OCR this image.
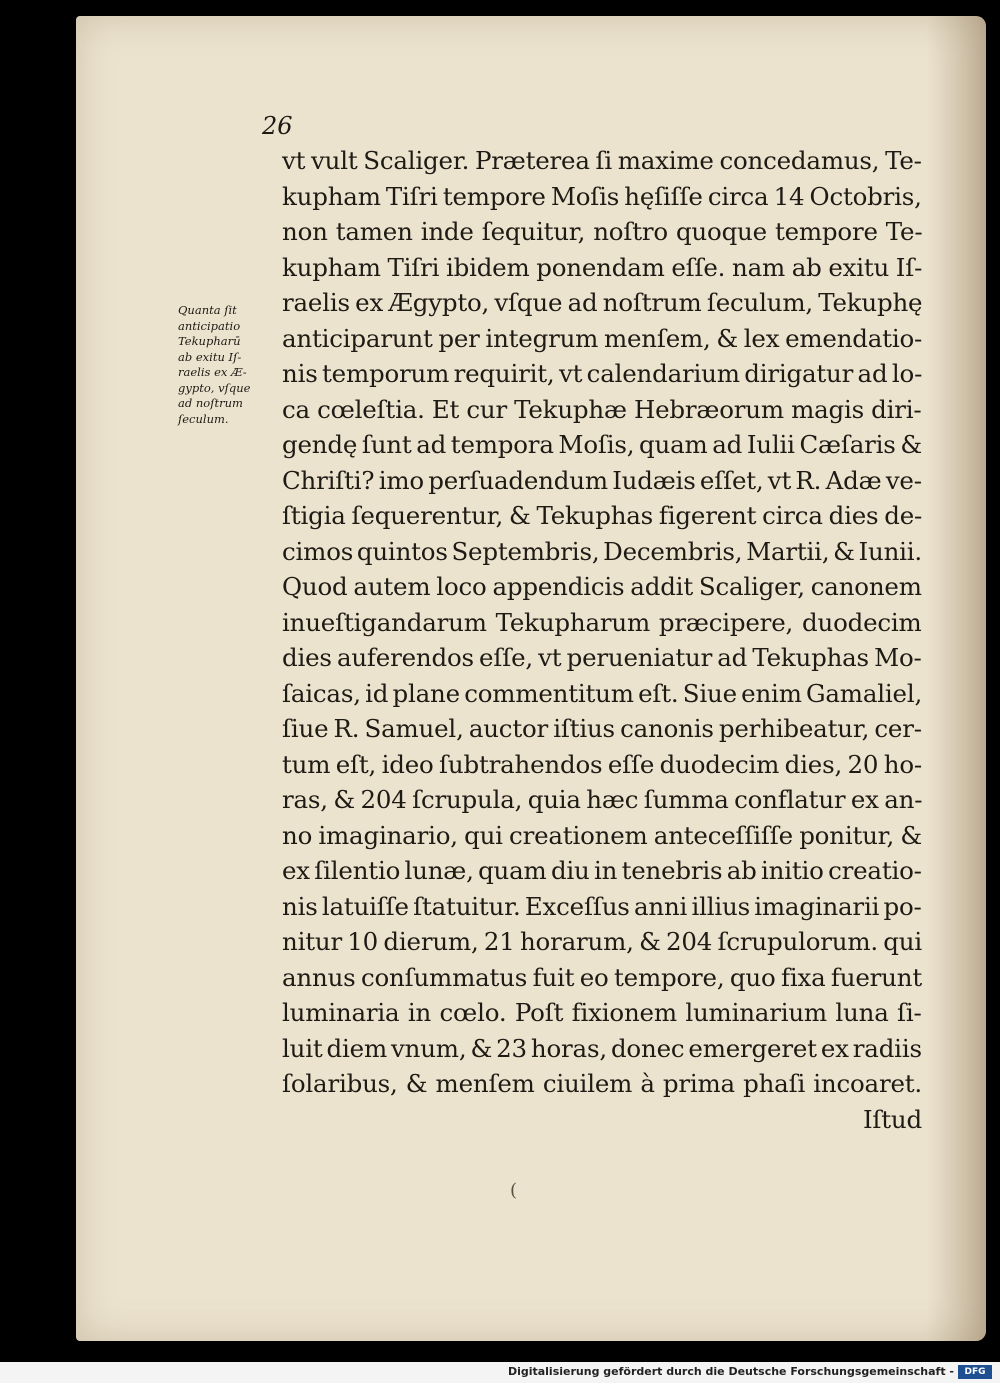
26
Quanta ſit
anticipatio
Tekupharū
ab exitu Iſ-
raelis ex Æ-
gypto, vſque
ad noſtrum
ſeculum.
vt vult Scaliger. Præterea ſi maxime concedamus, Te-
kupham Tiſri tempore Moſis hęſiſſe circa 14 Octobris,
non tamen inde ſequitur, noſtro quoque tempore Te-
kupham Tiſri ibidem ponendam eſſe. nam ab exitu Iſ-
raelis ex Ægypto, vſque ad noſtrum ſeculum, Tekuphę
anticiparunt per integrum menſem, & lex emendatio-
nis temporum requirit, vt calendarium dirigatur ad lo-
ca cœleſtia. Et cur Tekuphæ Hebræorum magis diri-
gendę ſunt ad tempora Moſis, quam ad Iulii Cæſaris &
Chriſti? imo perſuadendum Iudæis eſſet, vt R. Adæ ve-
ſtigia ſequerentur, & Tekuphas figerent circa dies de-
cimos quintos Septembris, Decembris, Martii, & Iunii.
Quod autem loco appendicis addit Scaliger, canonem
inueſtigandarum Tekupharum præcipere, duodecim
dies auferendos eſſe, vt perueniatur ad Tekuphas Mo-
ſaicas, id plane commentitum eſt. Siue enim Gamaliel,
ſiue R. Samuel, auctor iſtius canonis perhibeatur, cer-
tum eſt, ideo ſubtrahendos eſſe duodecim dies, 20 ho-
ras, & 204 ſcrupula, quia hæc ſumma conflatur ex an-
no imaginario, qui creationem anteceſſiſſe ponitur, &
ex ſilentio lunæ, quam diu in tenebris ab initio creatio-
nis latuiſſe ſtatuitur. Exceſſus anni illius imaginarii po-
nitur 10 dierum, 21 horarum, & 204 ſcrupulorum. qui
annus conſummatus fuit eo tempore, quo fixa fuerunt
luminaria in cœlo. Poſt fixionem luminarium luna ſi-
luit diem vnum, & 23 horas, donec emergeret ex radiis
ſolaribus, & menſem ciuilem à prima phaſi incoaret.
Iſtud
(
Digitalisierung gefördert durch die Deutsche Forschungsgemeinschaft -	DFG
